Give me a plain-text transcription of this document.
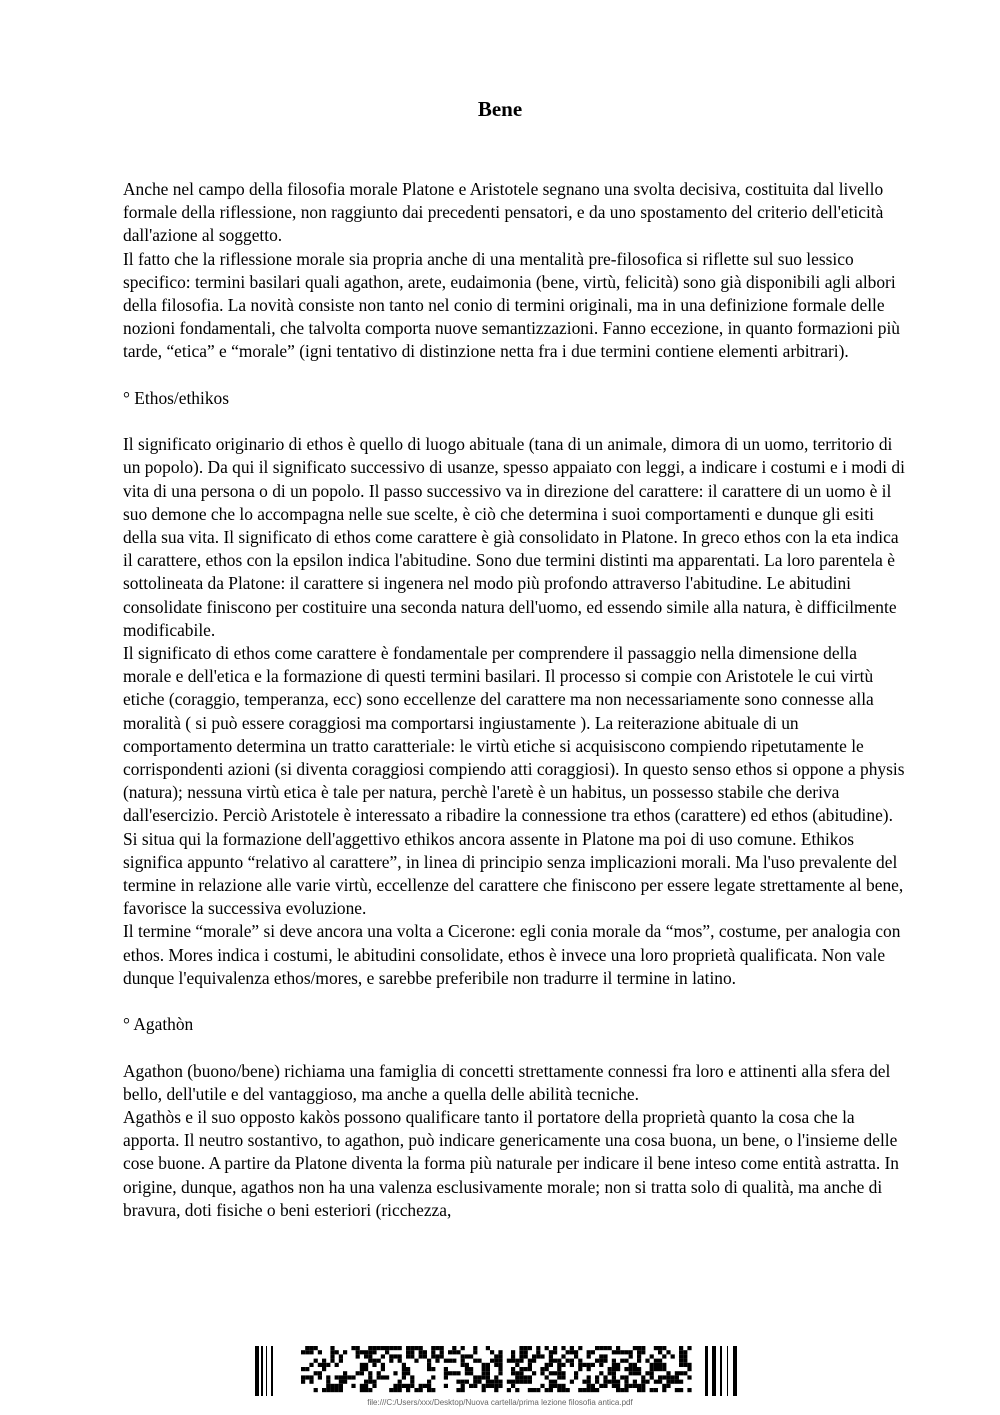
Bene

Anche nel campo della filosofia morale Platone e Aristotele segnano una svolta decisiva, costituita dal livello formale della riflessione, non raggiunto dai precedenti pensatori, e da uno spostamento del criterio dell'eticità dall'azione al soggetto.

Il fatto che la riflessione morale sia propria anche di una mentalità pre-filosofica si riflette sul suo lessico specifico: termini basilari quali agathon, arete, eudaimonia (bene, virtù, felicità) sono già disponibili agli albori della filosofia. La novità consiste non tanto nel conio di termini originali, ma in una definizione formale delle nozioni fondamentali, che talvolta comporta nuove semantizzazioni. Fanno eccezione, in quanto formazioni più tarde, “etica” e “morale” (igni tentativo di distinzione netta fra i due termini contiene elementi arbitrari).

° Ethos/ethikos

Il significato originario di ethos è quello di luogo abituale (tana di un animale, dimora di un uomo, territorio di un popolo). Da qui il significato successivo di usanze, spesso appaiato con leggi, a indicare i costumi e i modi di vita di una persona o di un popolo. Il passo successivo va in direzione del carattere: il carattere di un uomo è il suo demone che lo accompagna nelle sue scelte, è ciò che determina i suoi comportamenti e dunque gli esiti della sua vita. Il significato di ethos come carattere è già consolidato in Platone. In greco ethos con la eta indica il carattere, ethos con la epsilon indica l'abitudine. Sono due termini distinti ma apparentati. La loro parentela è sottolineata da Platone: il carattere si ingenera nel modo più profondo attraverso l'abitudine. Le abitudini consolidate finiscono per costituire una seconda natura dell'uomo, ed essendo simile alla natura, è difficilmente modificabile.

Il significato di ethos come carattere è fondamentale per comprendere il passaggio nella dimensione della morale e dell'etica e la formazione di questi termini basilari. Il processo si compie con Aristotele le cui virtù etiche (coraggio, temperanza, ecc) sono eccellenze del carattere ma non necessariamente sono connesse alla moralità ( si può essere coraggiosi ma comportarsi ingiustamente ). La reiterazione abituale di un comportamento determina un tratto caratteriale: le virtù etiche si acquisiscono compiendo ripetutamente le corrispondenti azioni (si diventa coraggiosi compiendo atti coraggiosi). In questo senso ethos si oppone a physis (natura); nessuna virtù etica è tale per natura, perchè l'aretè è un habitus, un possesso stabile che deriva dall'esercizio. Perciò Aristotele è interessato a ribadire la connessione tra ethos (carattere) ed ethos (abitudine). Si situa qui la formazione dell'aggettivo ethikos ancora assente in Platone ma poi di uso comune. Ethikos significa appunto “relativo al carattere”, in linea di principio senza implicazioni morali. Ma l'uso prevalente del termine in relazione alle varie virtù, eccellenze del carattere che finiscono per essere legate strettamente al bene, favorisce la successiva evoluzione.

Il termine “morale” si deve ancora una volta a Cicerone: egli conia morale da “mos”, costume, per analogia con ethos. Mores indica i costumi, le abitudini consolidate, ethos è invece una loro proprietà qualificata. Non vale dunque l'equivalenza ethos/mores, e sarebbe preferibile non tradurre il termine in latino.

° Agathòn

Agathon (buono/bene) richiama una famiglia di concetti strettamente connessi fra loro e attinenti alla sfera del bello, dell'utile e del vantaggioso, ma anche a quella delle abilità tecniche.

Agathòs e il suo opposto kakòs possono qualificare tanto il portatore della proprietà quanto la cosa che la apporta. Il neutro sostantivo, to agathon, può indicare genericamente una cosa buona, un bene, o l'insieme delle cose buone. A partire da Platone diventa la forma più naturale per indicare il bene inteso come entità astratta. In origine, dunque, agathos non ha una valenza esclusivamente morale; non si tratta solo di qualità, ma anche di bravura, doti fisiche o beni esteriori (ricchezza,

file:///C:/Users/xxx/Desktop/Nuova cartella/prima lezione filosofia antica.pdf
